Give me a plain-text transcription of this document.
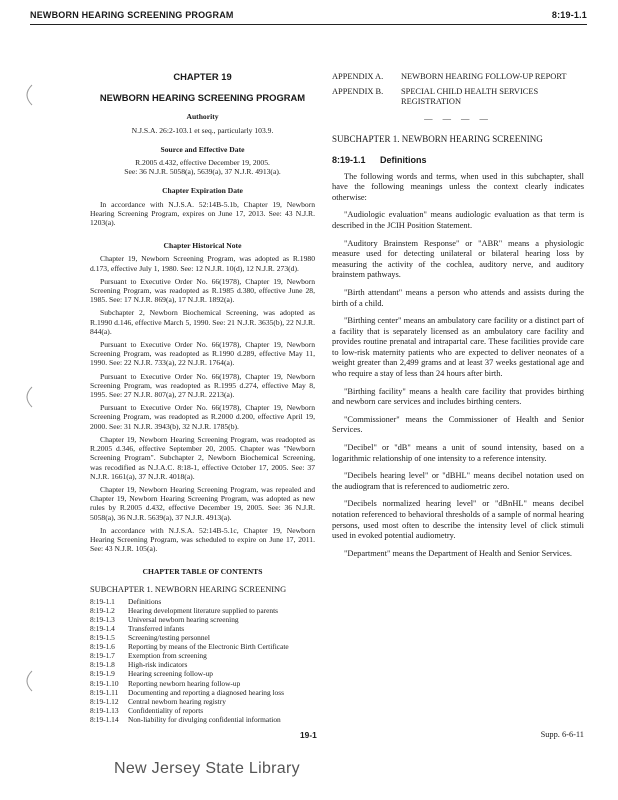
NEWBORN HEARING SCREENING PROGRAM	8:19-1.1
CHAPTER 19
NEWBORN HEARING SCREENING PROGRAM
Authority

N.J.S.A. 26:2-103.1 et seq., particularly 103.9.

Source and Effective Date

R.2005 d.432, effective December 19, 2005.

See: 36 N.J.R. 5058(a), 5639(a), 37 N.J.R. 4913(a).

Chapter Expiration Date

In accordance with N.J.S.A. 52:14B-5.1b, Chapter 19, Newborn Hearing Screening Program, expires on June 17, 2013. See: 43 N.J.R. 1203(a).

Chapter Historical Note

Chapter 19, Newborn Screening Program, was adopted as R.1980 d.173, effective July 1, 1980. See: 12 N.J.R. 10(d), 12 N.J.R. 273(d).

Pursuant to Executive Order No. 66(1978), Chapter 19, Newborn Screening Program, was readopted as R.1985 d.380, effective June 28, 1985. See: 17 N.J.R. 869(a), 17 N.J.R. 1892(a).

Subchapter 2, Newborn Biochemical Screening, was adopted as R.1990 d.146, effective March 5, 1990. See: 21 N.J.R. 3635(b), 22 N.J.R. 844(a).

Pursuant to Executive Order No. 66(1978), Chapter 19, Newborn Screening Program, was readopted as R.1990 d.289, effective May 11, 1990. See: 22 N.J.R. 733(a), 22 N.J.R. 1764(a).

Pursuant to Executive Order No. 66(1978), Chapter 19, Newborn Screening Program, was readopted as R.1995 d.274, effective May 8, 1995. See: 27 N.J.R. 807(a), 27 N.J.R. 2213(a).

Pursuant to Executive Order No. 66(1978), Chapter 19, Newborn Screening Program, was readopted as R.2000 d.200, effective April 19, 2000. See: 31 N.J.R. 3943(b), 32 N.J.R. 1785(b).

Chapter 19, Newborn Hearing Screening Program, was readopted as R.2005 d.346, effective September 20, 2005. Chapter was "Newborn Screening Program". Subchapter 2, Newborn Biochemical Screening, was recodified as N.J.A.C. 8:18-1, effective October 17, 2005. See: 37 N.J.R. 1661(a), 37 N.J.R. 4018(a).

Chapter 19, Newborn Hearing Screening Program, was repealed and Chapter 19, Newborn Hearing Screening Program, was adopted as new rules by R.2005 d.432, effective December 19, 2005. See: 36 N.J.R. 5058(a), 36 N.J.R. 5639(a), 37 N.J.R. 4913(a).

In accordance with N.J.S.A. 52:14B-5.1c, Chapter 19, Newborn Hearing Screening Program, was scheduled to expire on June 17, 2011. See: 43 N.J.R. 105(a).

CHAPTER TABLE OF CONTENTS
SUBCHAPTER 1. NEWBORN HEARING SCREENING
8:19-1.1	Definitions
8:19-1.2	Hearing development literature supplied to parents
8:19-1.3	Universal newborn hearing screening
8:19-1.4	Transferred infants
8:19-1.5	Screening/testing personnel
8:19-1.6	Reporting by means of the Electronic Birth Certificate
8:19-1.7	Exemption from screening
8:19-1.8	High-risk indicators
8:19-1.9	Hearing screening follow-up
8:19-1.10	Reporting newborn hearing follow-up
8:19-1.11	Documenting and reporting a diagnosed hearing loss
8:19-1.12	Central newborn hearing registry
8:19-1.13	Confidentiality of reports
8:19-1.14	Non-liability for divulging confidential information
APPENDIX A.	NEWBORN HEARING FOLLOW-UP REPORT
APPENDIX B.	SPECIAL CHILD HEALTH SERVICES REGISTRATION
— — — —
SUBCHAPTER 1. NEWBORN HEARING SCREENING
8:19-1.1 Definitions

The following words and terms, when used in this subchapter, shall have the following meanings unless the context clearly indicates otherwise:

"Audiologic evaluation" means audiologic evaluation as that term is described in the JCIH Position Statement.

"Auditory Brainstem Response" or "ABR" means a physiologic measure used for detecting unilateral or bilateral hearing loss by measuring the activity of the cochlea, auditory nerve, and auditory brainstem pathways.

"Birth attendant" means a person who attends and assists during the birth of a child.

"Birthing center" means an ambulatory care facility or a distinct part of a facility that is separately licensed as an ambulatory care facility and provides routine prenatal and intrapartal care. These facilities provide care to low-risk maternity patients who are expected to deliver neonates of a weight greater than 2,499 grams and at least 37 weeks gestational age and who require a stay of less than 24 hours after birth.

"Birthing facility" means a health care facility that provides birthing and newborn care services and includes birthing centers.

"Commissioner" means the Commissioner of Health and Senior Services.

"Decibel" or "dB" means a unit of sound intensity, based on a logarithmic relationship of one intensity to a reference intensity.

"Decibels hearing level" or "dBHL" means decibel notation used on the audiogram that is referenced to audiometric zero.

"Decibels normalized hearing level" or "dBnHL" means decibel notation referenced to behavioral thresholds of a sample of normal hearing persons, used most often to describe the intensity level of click stimuli used in evoked potential audiometry.

"Department" means the Department of Health and Senior Services.

19-1	Supp. 6-6-11
New Jersey State Library
